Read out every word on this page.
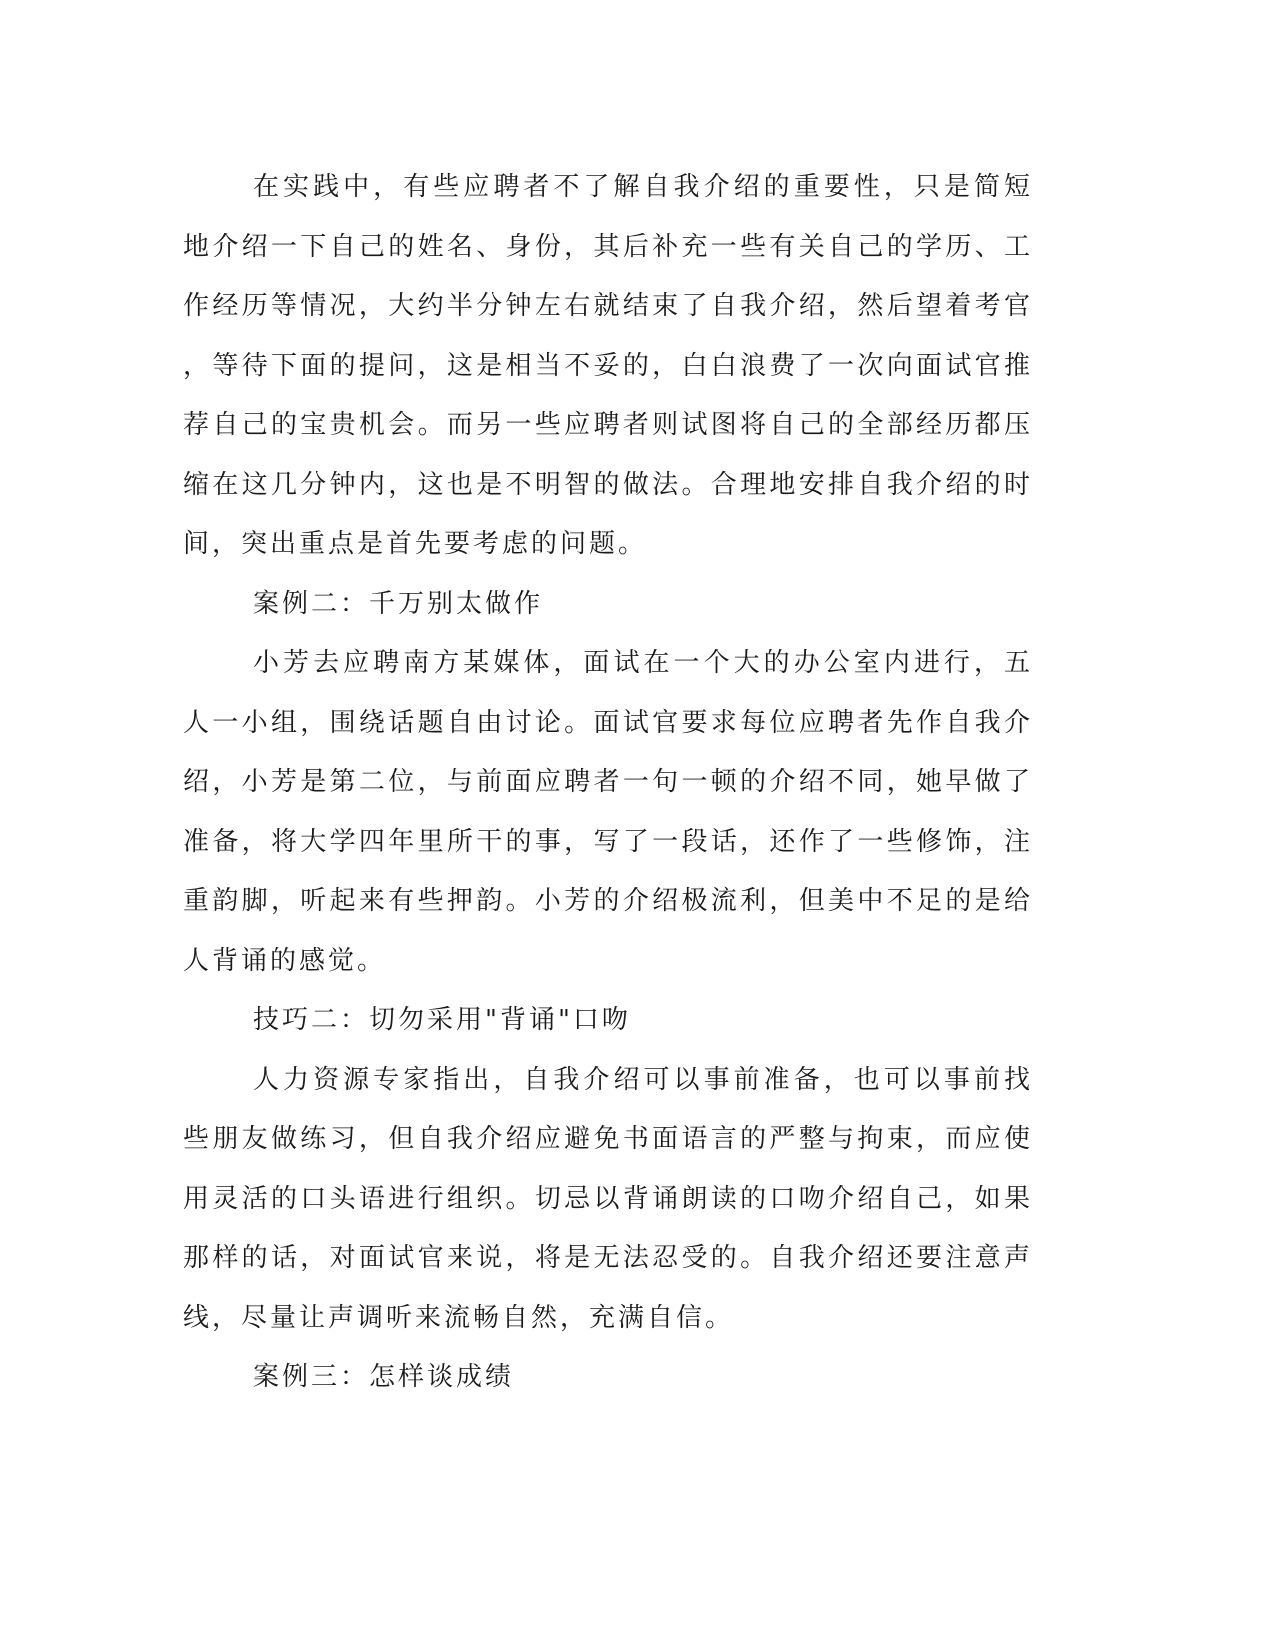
在实践中，有些应聘者不了解自我介绍的重要性，只是简短地介绍一下自己的姓名、身份，其后补充一些有关自己的学历、工作经历等情况，大约半分钟左右就结束了自我介绍，然后望着考官，等待下面的提问，这是相当不妥的，白白浪费了一次向面试官推荐自己的宝贵机会。而另一些应聘者则试图将自己的全部经历都压缩在这几分钟内，这也是不明智的做法。合理地安排自我介绍的时间，突出重点是首先要考虑的问题。

案例二：千万别太做作

小芳去应聘南方某媒体，面试在一个大的办公室内进行，五人一小组，围绕话题自由讨论。面试官要求每位应聘者先作自我介绍，小芳是第二位，与前面应聘者一句一顿的介绍不同，她早做了准备，将大学四年里所干的事，写了一段话，还作了一些修饰，注重韵脚，听起来有些押韵。小芳的介绍极流利，但美中不足的是给人背诵的感觉。

技巧二：切勿采用"背诵"口吻

人力资源专家指出，自我介绍可以事前准备，也可以事前找些朋友做练习，但自我介绍应避免书面语言的严整与拘束，而应使用灵活的口头语进行组织。切忌以背诵朗读的口吻介绍自己，如果那样的话，对面试官来说，将是无法忍受的。自我介绍还要注意声线，尽量让声调听来流畅自然，充满自信。

案例三：怎样谈成绩
